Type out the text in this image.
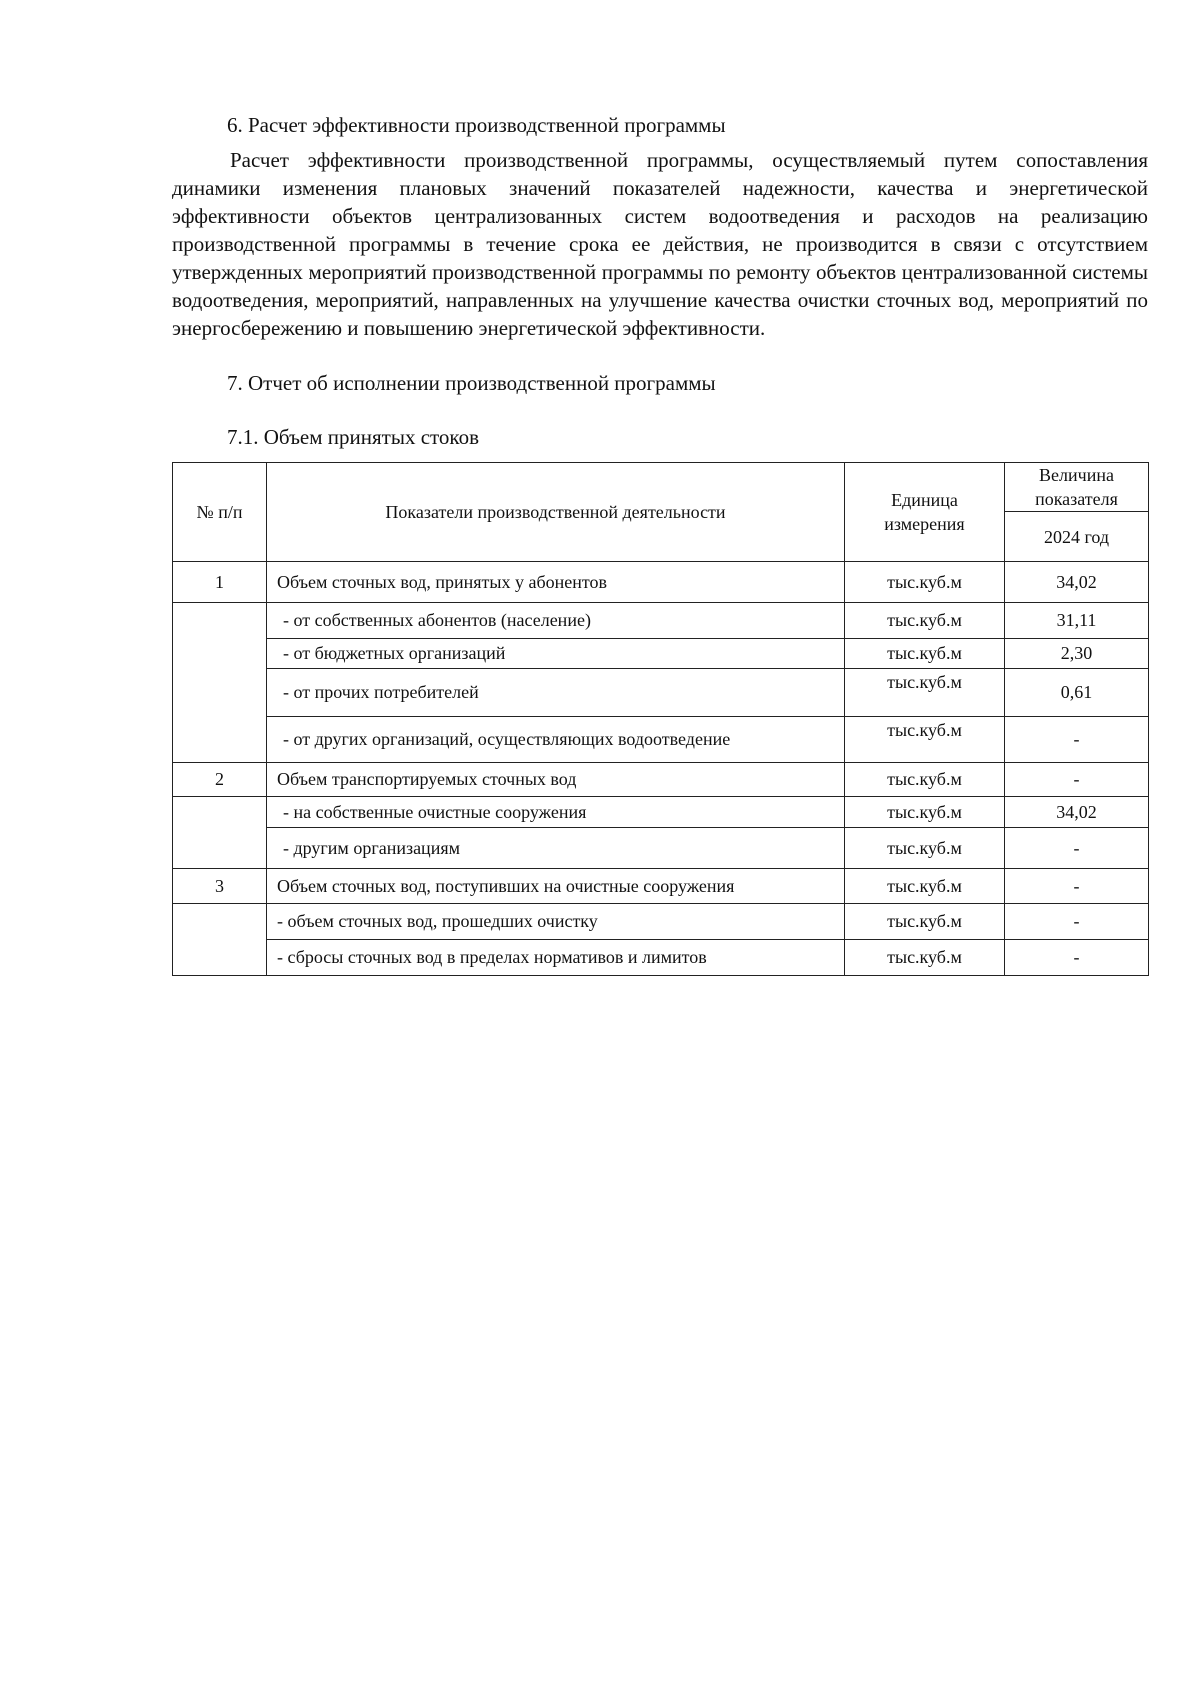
6. Расчет эффективности производственной программы

Расчет эффективности производственной программы, осуществляемый путем сопоставления динамики изменения плановых значений показателей надежности, качества и энергетической эффективности объектов централизованных систем водоотведения и расходов на реализацию производственной программы в течение срока ее действия, не производится в связи с отсутствием утвержденных мероприятий производственной программы по ремонту объектов централизованной системы водоотведения, мероприятий, направленных на улучшение качества очистки сточных вод, мероприятий по энергосбережению и повышению энергетической эффективности.

7. Отчет об исполнении производственной программы

7.1. Объем принятых стоков

№ п/п	Показатели производственной деятельности	Единица измерения	Величина показателя
			2024 год
1	Объем сточных вод, принятых у абонентов	тыс.куб.м	34,02
	- от собственных абонентов (население)	тыс.куб.м	31,11
	- от бюджетных организаций	тыс.куб.м	2,30
	- от прочих потребителей	тыс.куб.м	0,61
	- от других организаций, осуществляющих водоотведение	тыс.куб.м	-
2	Объем транспортируемых сточных вод	тыс.куб.м	-
	- на собственные очистные сооружения	тыс.куб.м	34,02
	- другим организациям	тыс.куб.м	-
3	Объем сточных вод, поступивших на очистные сооружения	тыс.куб.м	-
	- объем сточных вод, прошедших очистку	тыс.куб.м	-
	- сбросы сточных вод в пределах нормативов и лимитов	тыс.куб.м	-
